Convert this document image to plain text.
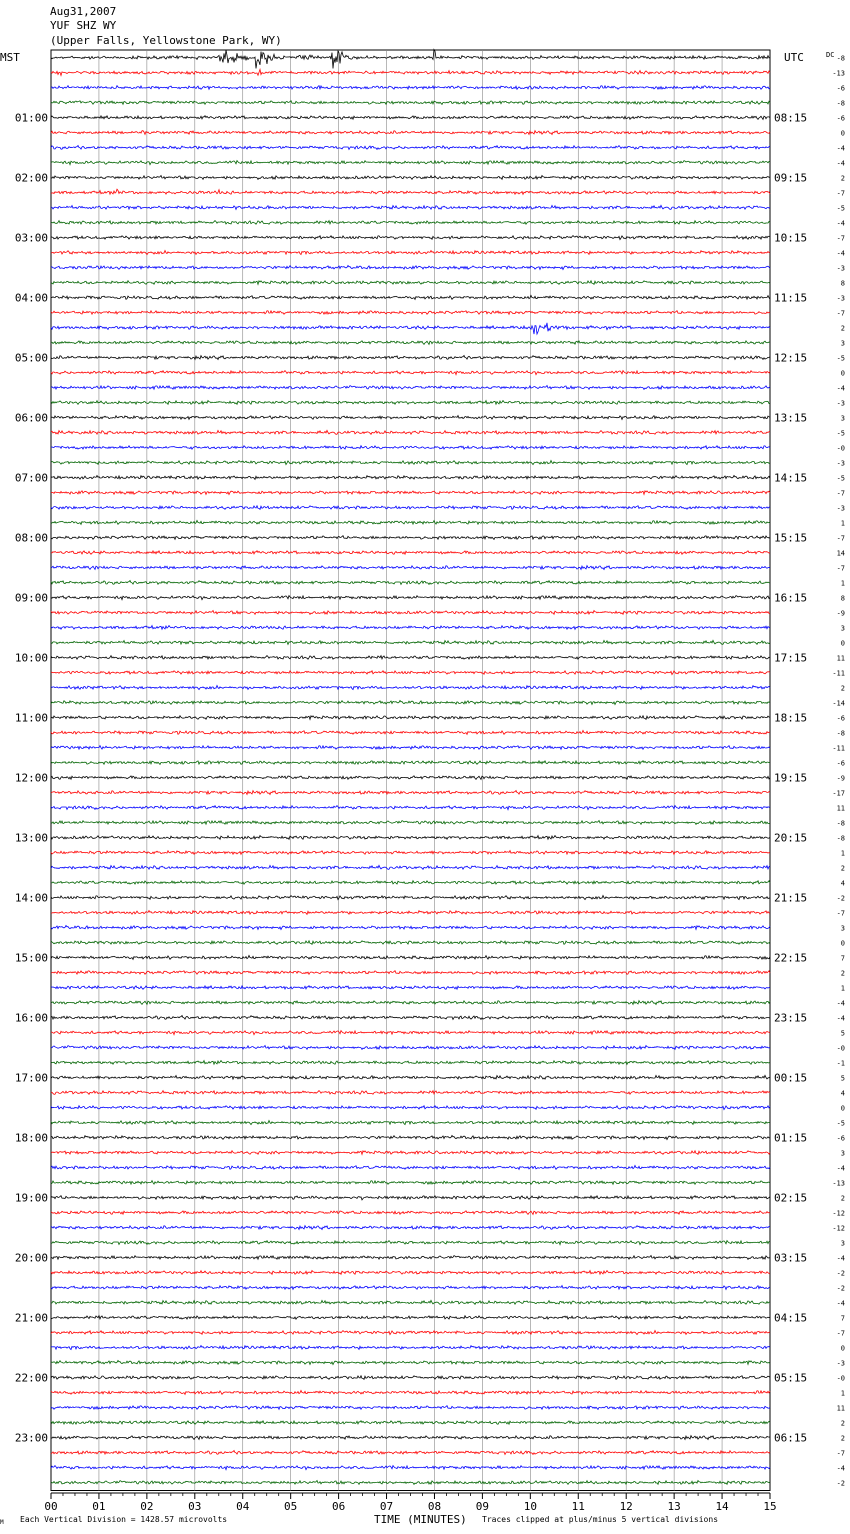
Aug31,2007
YUF SHZ WY
(Upper Falls, Yellowstone Park, WY)
00	01	02	03	04	05	06	07	08	09	10	11	12	13	14	15
01:00
02:00
03:00
04:00
05:00
06:00
07:00
08:00
09:00
10:00
11:00
12:00
13:00
14:00
15:00
16:00
17:00
18:00
19:00
20:00
21:00
22:00
23:00
08:15
09:15
10:15
11:15
12:15
13:15
14:15
15:15
16:15
17:15
18:15
19:15
20:15
21:15
22:15
23:15
00:15
01:15
02:15
03:15
04:15
05:15
06:15
-8
-13
-6
-8
-6
0
-4
-4
2
-7
-5
-4
-7
-4
-3
8
-3
-7
2
3
-5
0
-4
-3
3
-5
-0
-3
-5
-7
-3
1
-7
14
-7
1
8
-9
3
0
11
-11
2
-14
-6
-8
-11
-6
-9
-17
11
-8
-8
1
2
4
-2
-7
3
0
7
2
1
-4
-4
5
-0
-1
5
4
0
-5
-6
3
-4
-13
2
-12
-12
3
-4
-2
-2
-4
7
-7
0
-3
-0
1
11
2
2
-7
-4
-2
MST	UTC	DC
M Each Vertical Division = 1428.57 microvolts	TIME (MINUTES) Traces clipped at plus/minus 5 vertical divisions
